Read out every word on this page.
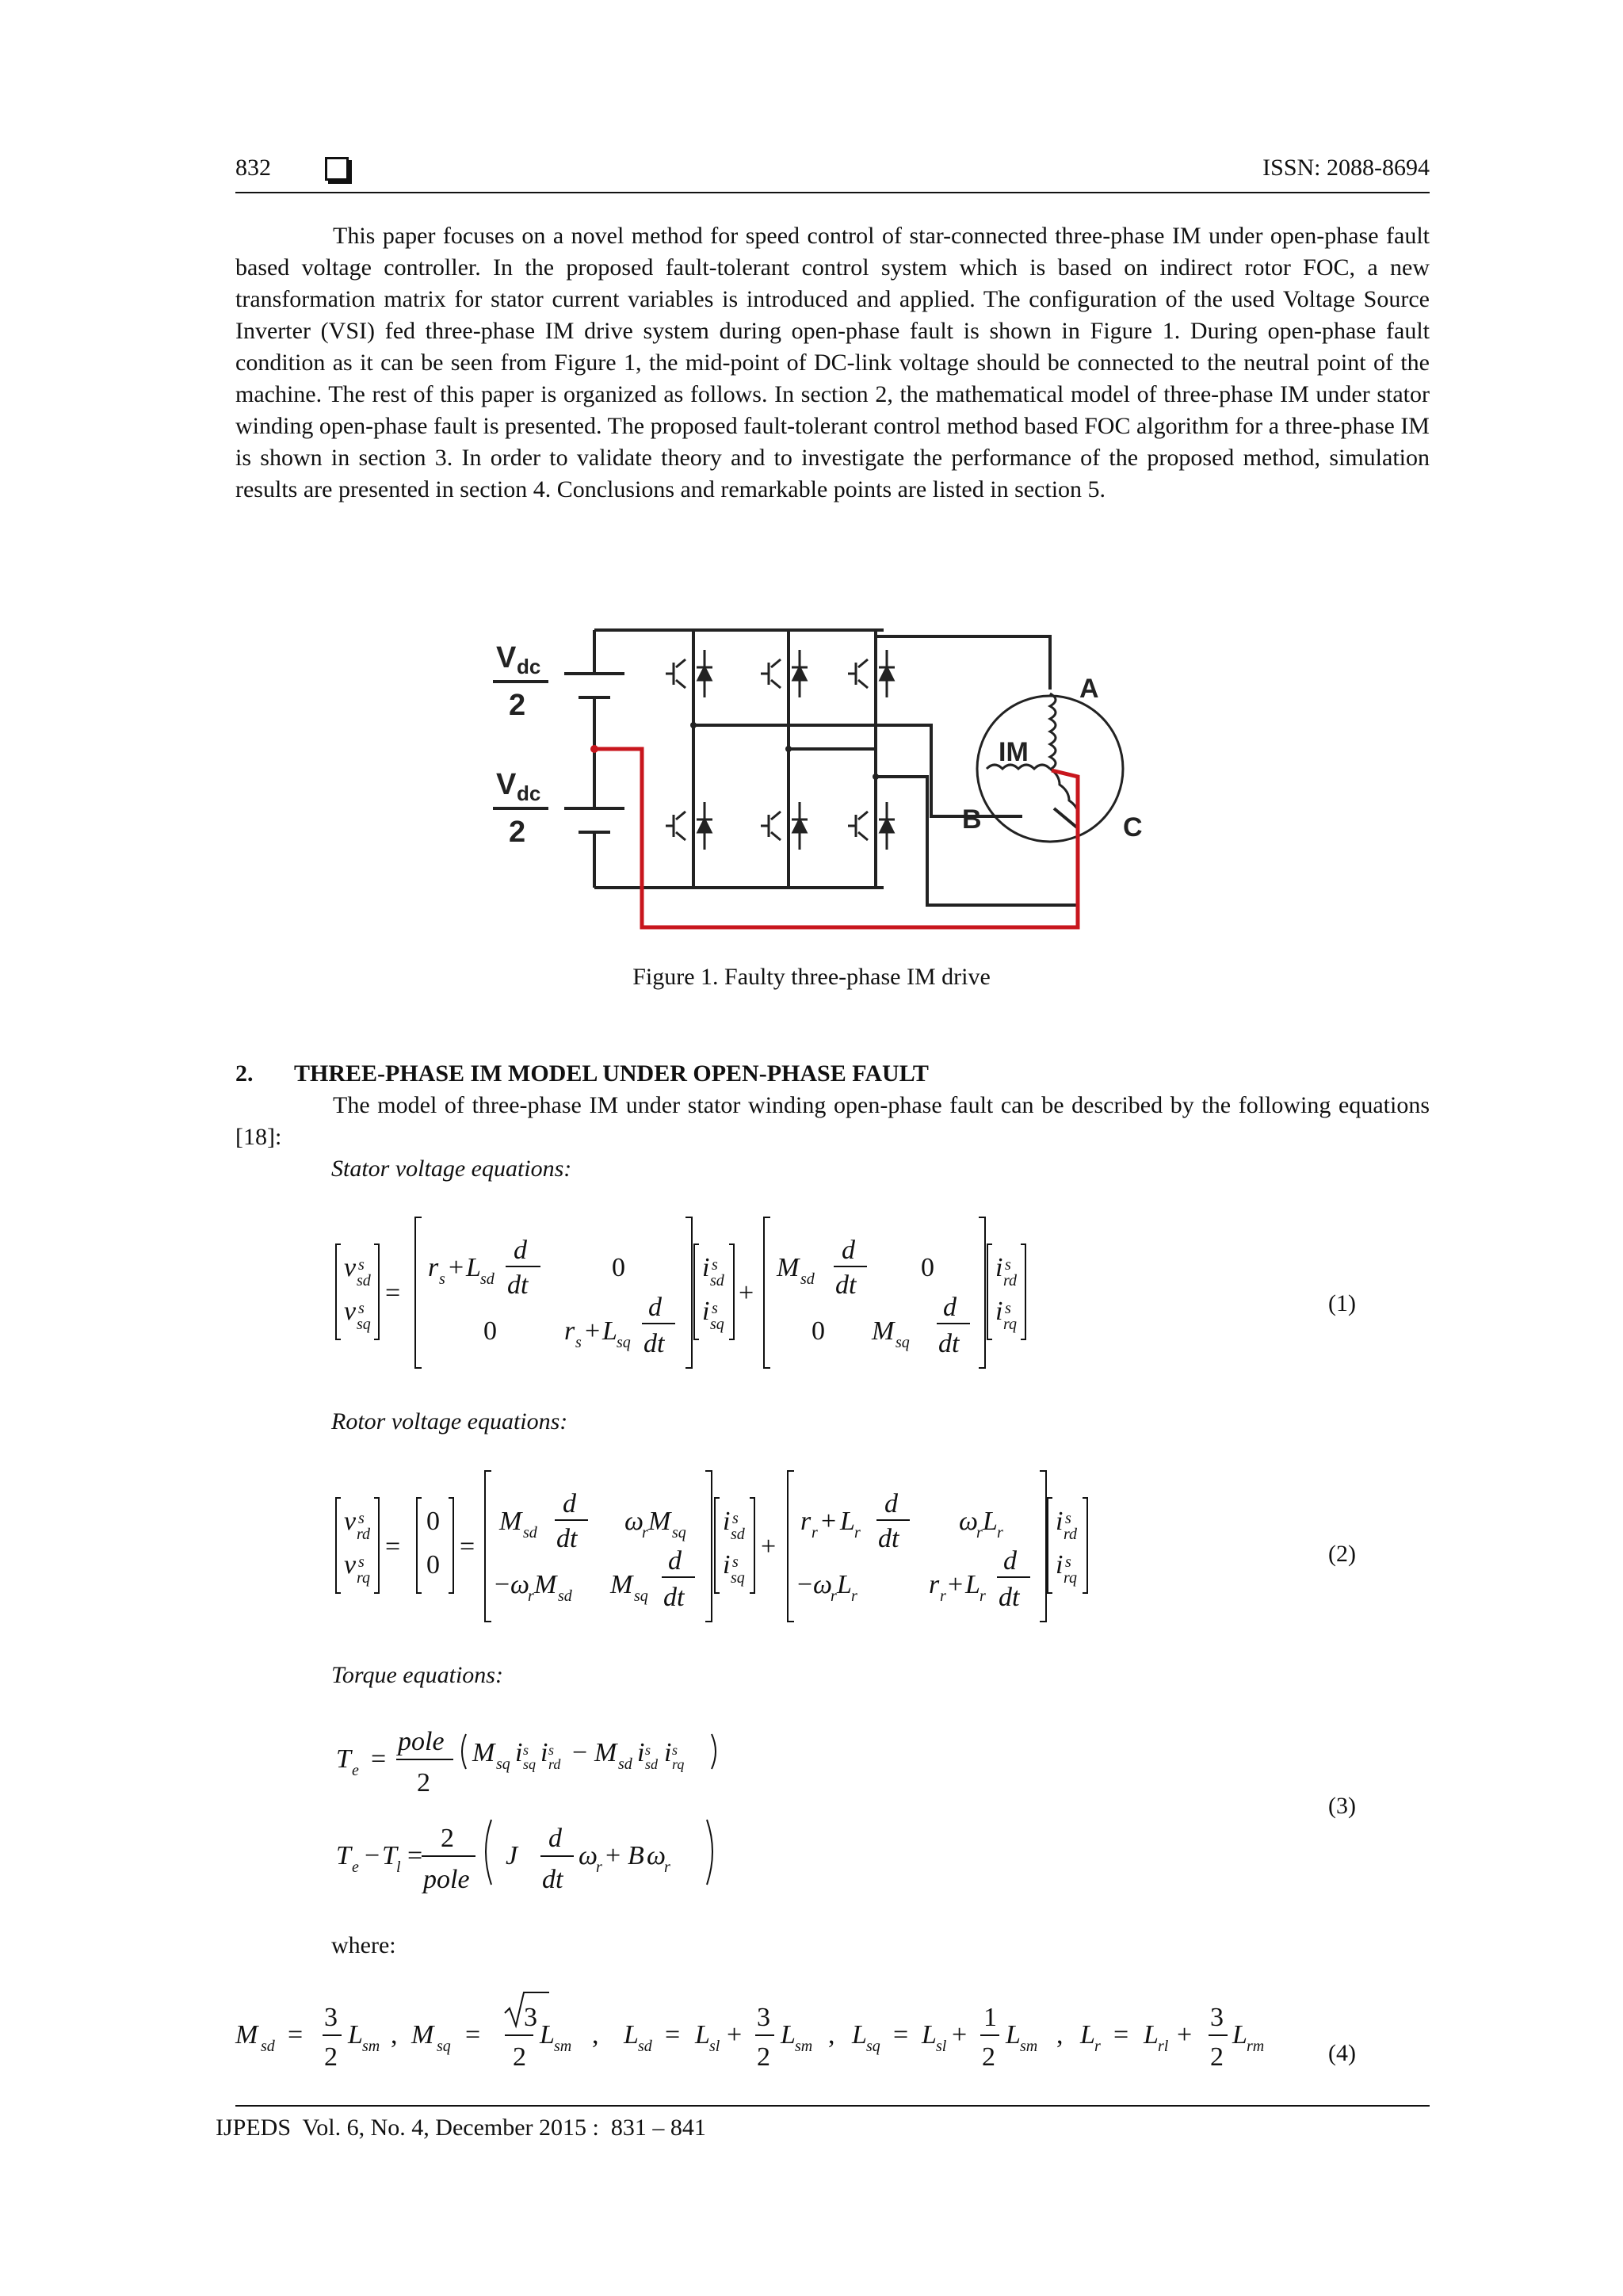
832	ISSN: 2088-8694

This paper focuses on a novel method for speed control of star-connected three-phase IM under open-phase fault based voltage controller. In the proposed fault-tolerant control system which is based on indirect rotor FOC, a new transformation matrix for stator current variables is introduced and applied. The configuration of the used Voltage Source Inverter (VSI) fed three-phase IM drive system during open-phase fault is shown in Figure 1. During open-phase fault condition as it can be seen from Figure 1, the mid-point of DC-link voltage should be connected to the neutral point of the machine. The rest of this paper is organized as follows. In section 2, the mathematical model of three-phase IM under stator winding open-phase fault is presented. The proposed fault-tolerant control method based FOC algorithm for a three-phase IM is shown in section 3. In order to validate theory and to investigate the performance of the proposed method, simulation results are presented in section 4. Conclusions and remarkable points are listed in section 5.

V dc
2
V dc
2
IM
A
B	C
Figure 1. Faulty three-phase IM drive
2. THREE-PHASE IM MODEL UNDER OPEN-PHASE FAULT

The model of three-phase IM under stator winding open-phase fault can be described by the following equations [18]:

Stator voltage equations:
v s
sd
v s
sq
=
r s + L sd
d
dt
0
0	r s + L sq
d
dt
i s
sd
i s
sq
+
M sd
d
dt
0
0 M sq
d
dt
i s
rd
i s
rq
(1)
Rotor voltage equations:
v s
rd
v s
rq
=
0
0
=
M sd
d
dt
ω
r M sq
− ω
r M sd M sq
d
dt
i s
sd
i s
sq
+
r r + L r
d
dt
ω
r L r
− ω
r L r	r r + L r
d
dt
i s
rd
i s
rq
(2)
Torque equations:
T e =
pole
2
M sq i s
sq i s
rd − M sd i s
sd i s
rq
T e − T l =
2
pole
J
d
dt
ω
r + B ω
r
(3)
where:
M sd =
3
2
L sm , M sq =
3
2
L sm , L sd = L sl +
3
2
L sm , L sq = L sl +
1
2
L sm , L r = L rl +
3
2
L rm	(4)
IJPEDS  Vol. 6, No. 4, December 2015 :  831 – 841
